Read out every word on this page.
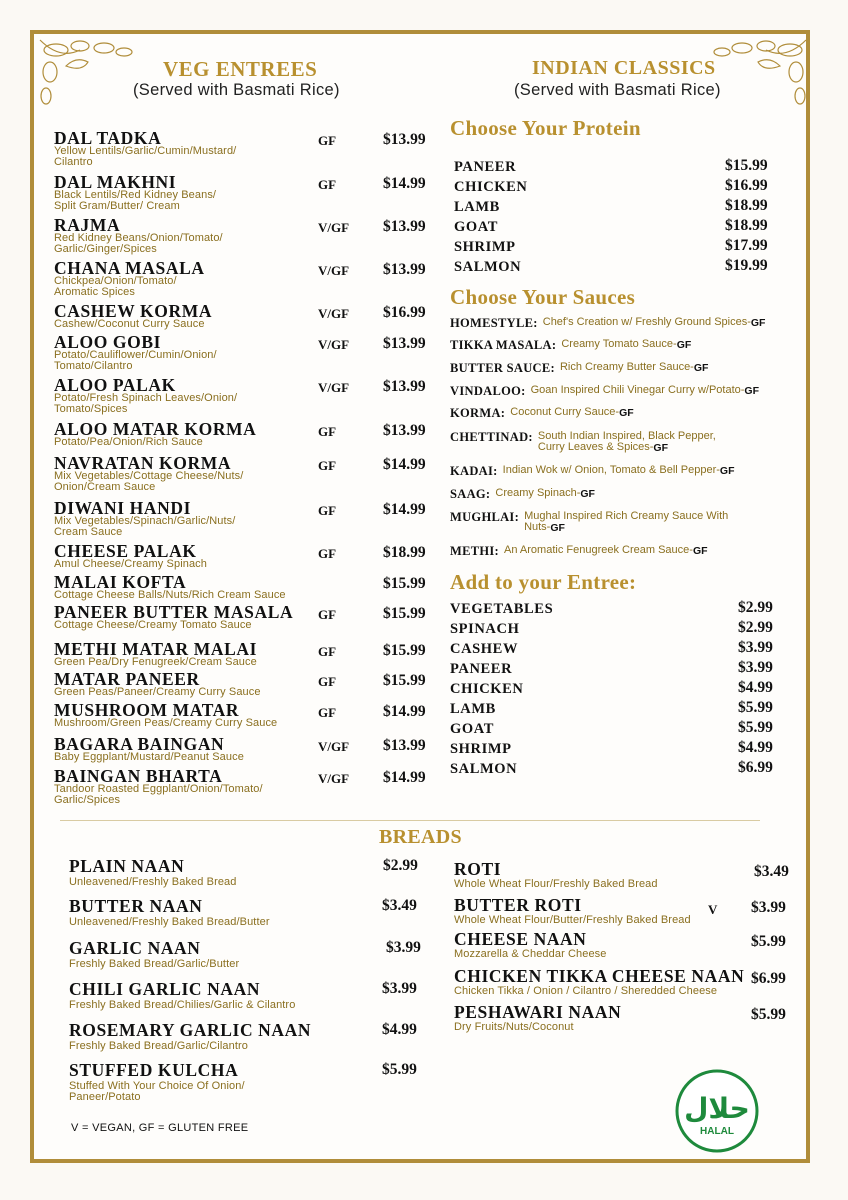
VEG ENTREES
(Served with Basmati Rice)
INDIAN CLASSICS
(Served with Basmati Rice)
DAL TADKA
Yellow Lentils/Garlic/Cumin/Mustard/
Cilantro
GF	$13.99
DAL MAKHNI
Black Lentils/Red Kidney Beans/
Split Gram/Butter/ Cream
GF	$14.99
RAJMA
Red Kidney Beans/Onion/Tomato/
Garlic/Ginger/Spices
V/GF $13.99
CHANA MASALA
Chickpea/Onion/Tomato/
Aromatic Spices
V/GF $13.99
CASHEW KORMA
Cashew/Coconut Curry Sauce
V/GF $16.99
ALOO GOBI
Potato/Cauliflower/Cumin/Onion/
Tomato/Cilantro
V/GF $13.99
ALOO PALAK
Potato/Fresh Spinach Leaves/Onion/
Tomato/Spices
V/GF $13.99
ALOO MATAR KORMA
Potato/Pea/Onion/Rich Sauce
GF	$13.99
NAVRATAN KORMA
Mix Vegetables/Cottage Cheese/Nuts/
Onion/Cream Sauce
GF	$14.99
DIWANI HANDI
Mix Vegetables/Spinach/Garlic/Nuts/
Cream Sauce
GF	$14.99
CHEESE PALAK
Amul Cheese/Creamy Spinach
GF	$18.99
MALAI KOFTA
Cottage Cheese Balls/Nuts/Rich Cream Sauce
$15.99
PANEER BUTTER MASALA
Cottage Cheese/Creamy Tomato Sauce
GF	$15.99
METHI MATAR MALAI
Green Pea/Dry Fenugreek/Cream Sauce
GF	$15.99
MATAR PANEER
Green Peas/Paneer/Creamy Curry Sauce
GF	$15.99
MUSHROOM MATAR
Mushroom/Green Peas/Creamy Curry Sauce
GF	$14.99
BAGARA BAINGAN
Baby Eggplant/Mustard/Peanut Sauce
V/GF $13.99
BAINGAN BHARTA
Tandoor Roasted Eggplant/Onion/Tomato/
Garlic/Spices
V/GF $14.99
Choose Your Protein
PANEER	$15.99
CHICKEN	$16.99
LAMB	$18.99
GOAT	$18.99
SHRIMP	$17.99
SALMON	$19.99
Choose Your Sauces
HOMESTYLE: Chef's Creation w/ Freshly Ground Spices- GF
TIKKA MASALA: Creamy Tomato Sauce- GF
BUTTER SAUCE: Rich Creamy Butter Sauce- GF
VINDALOO: Goan Inspired Chili Vinegar Curry w/Potato- GF
KORMA: Coconut Curry Sauce- GF
CHETTINAD: South Indian Inspired, Black Pepper,
Curry Leaves & Spices- GF
KADAI: Indian Wok w/ Onion, Tomato & Bell Pepper- GF
SAAG: Creamy Spinach- GF
MUGHLAI: Mughal Inspired Rich Creamy Sauce With
Nuts- GF
METHI: An Aromatic Fenugreek Cream Sauce- GF
Add to your Entree:
VEGETABLES	$2.99
SPINACH	$2.99
CASHEW	$3.99
PANEER	$3.99
CHICKEN	$4.99
LAMB	$5.99
GOAT	$5.99
SHRIMP	$4.99
SALMON	$6.99
BREADS
PLAIN NAAN
Unleavened/Freshly Baked Bread
$2.99
BUTTER NAAN
Unleavened/Freshly Baked Bread/Butter
$3.49
GARLIC NAAN
Freshly Baked Bread/Garlic/Butter
$3.99
CHILI GARLIC NAAN
Freshly Baked Bread/Chilies/Garlic & Cilantro
$3.99
ROSEMARY GARLIC NAAN
Freshly Baked Bread/Garlic/Cilantro
$4.99
STUFFED KULCHA
Stuffed With Your Choice Of Onion/
Paneer/Potato
$5.99
ROTI
Whole Wheat Flour/Freshly Baked Bread
$3.49
BUTTER ROTI
Whole Wheat Flour/Butter/Freshly Baked Bread
V $3.99
CHEESE NAAN
Mozzarella & Cheddar Cheese
$5.99
CHICKEN TIKKA CHEESE NAAN
Chicken Tikka / Onion / Cilantro / Sheredded Cheese
$6.99
PESHAWARI NAAN
Dry Fruits/Nuts/Coconut
$5.99
V = VEGAN, GF = GLUTEN FREE
حلال
HALAL
